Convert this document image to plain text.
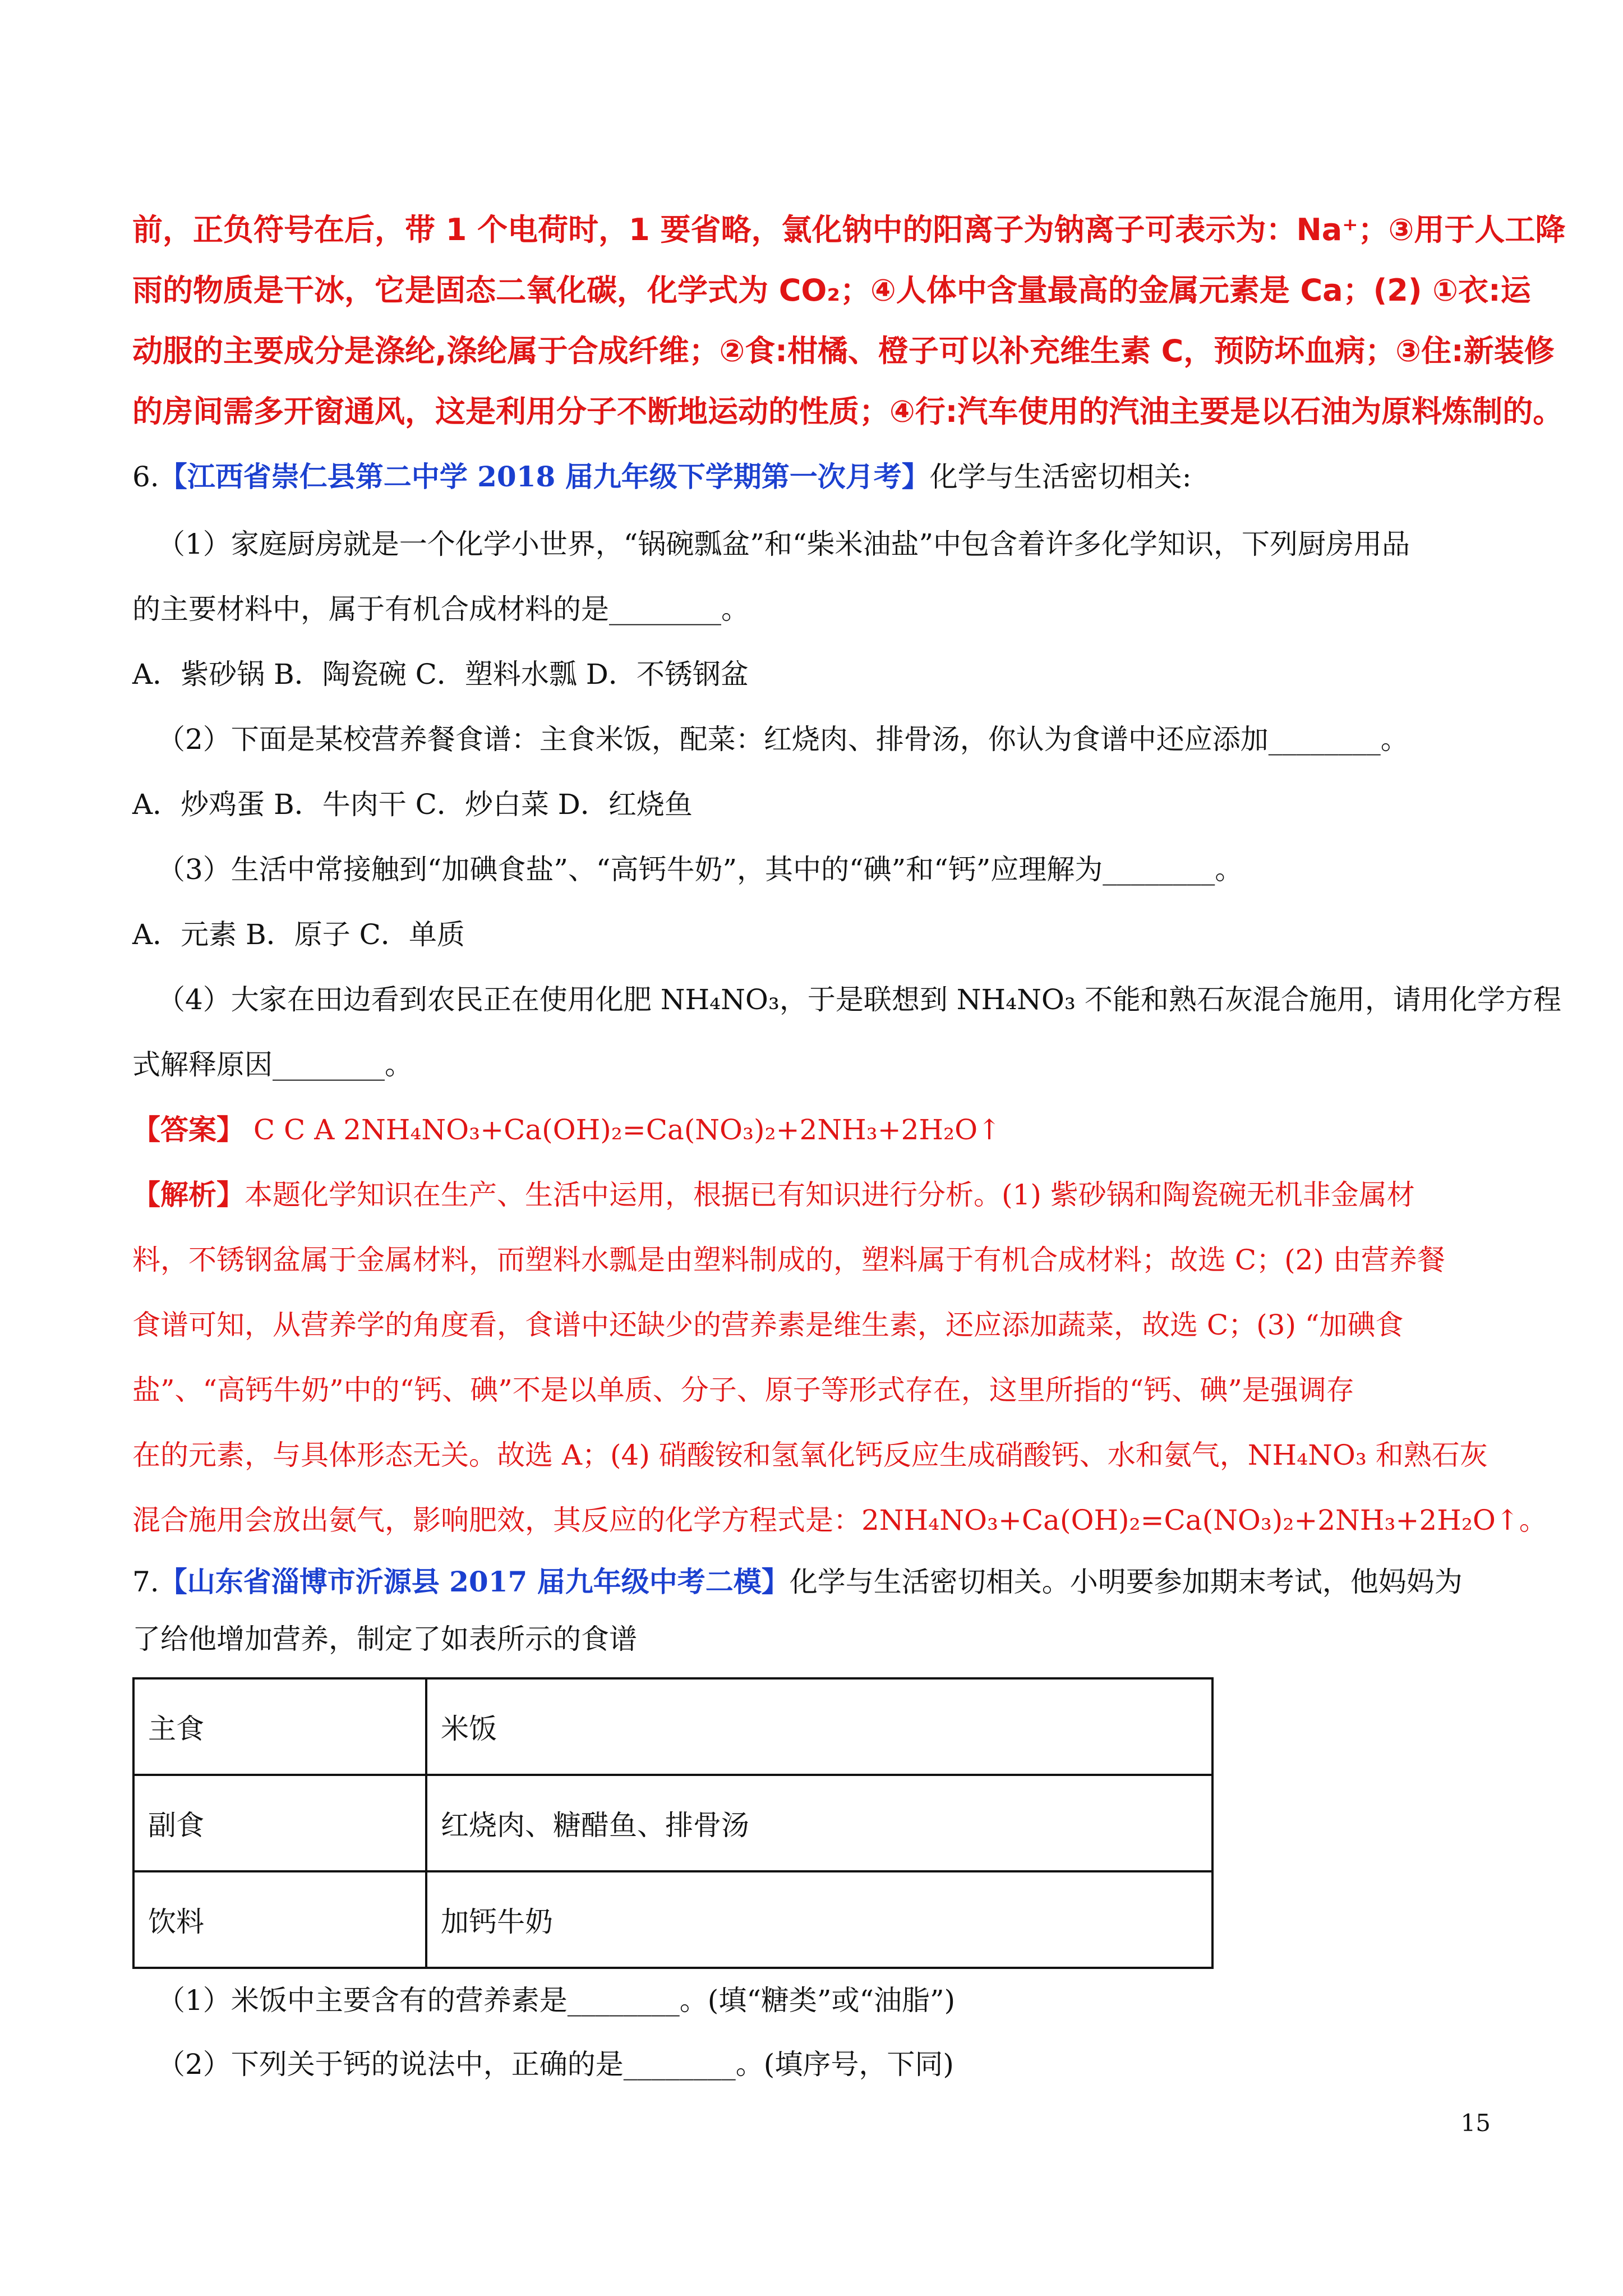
前，正负符号在后，带 1 个电荷时，1 要省略，氯化钠中的阳离子为钠离子可表示为：Na⁺；③用于人工降
雨的物质是干冰，它是固态二氧化碳，化学式为 CO₂；④人体中含量最高的金属元素是 Ca；(2) ①衣:运
动服的主要成分是涤纶,涤纶属于合成纤维；②食:柑橘、橙子可以补充维生素 C，预防坏血病；③住:新装修
的房间需多开窗通风，这是利用分子不断地运动的性质；④行:汽车使用的汽油主要是以石油为原料炼制的。
6.【江西省崇仁县第二中学 2018 届九年级下学期第一次月考】化学与生活密切相关:
（1）家庭厨房就是一个化学小世界，“锅碗瓢盆”和“柴米油盐”中包含着许多化学知识，下列厨房用品
的主要材料中，属于有机合成材料的是________。
A．紫砂锅 B．陶瓷碗 C．塑料水瓢 D．不锈钢盆
（2）下面是某校营养餐食谱：主食米饭，配菜：红烧肉、排骨汤，你认为食谱中还应添加________。
A．炒鸡蛋 B．牛肉干 C．炒白菜 D．红烧鱼
（3）生活中常接触到“加碘食盐”、“高钙牛奶”，其中的“碘”和“钙”应理解为________。
A．元素 B．原子 C．单质
（4）大家在田边看到农民正在使用化肥 NH₄NO₃，于是联想到 NH₄NO₃ 不能和熟石灰混合施用，请用化学方程
式解释原因________。
【答案】 C C A 2NH₄NO₃+Ca(OH)₂=Ca(NO₃)₂+2NH₃+2H₂O↑
【解析】本题化学知识在生产、生活中运用，根据已有知识进行分析。(1) 紫砂锅和陶瓷碗无机非金属材
料，不锈钢盆属于金属材料，而塑料水瓢是由塑料制成的，塑料属于有机合成材料；故选 C；(2) 由营养餐
食谱可知，从营养学的角度看，食谱中还缺少的营养素是维生素，还应添加蔬菜，故选 C；(3) “加碘食
盐”、“高钙牛奶”中的“钙、碘”不是以单质、分子、原子等形式存在，这里所指的“钙、碘”是强调存
在的元素，与具体形态无关。故选 A；(4) 硝酸铵和氢氧化钙反应生成硝酸钙、水和氨气，NH₄NO₃ 和熟石灰
混合施用会放出氨气，影响肥效，其反应的化学方程式是：2NH₄NO₃+Ca(OH)₂=Ca(NO₃)₂+2NH₃+2H₂O↑。
7.【山东省淄博市沂源县 2017 届九年级中考二模】化学与生活密切相关。小明要参加期末考试，他妈妈为
了给他增加营养，制定了如表所示的食谱
主食	米饭
副食	红烧肉、糖醋鱼、排骨汤
饮料	加钙牛奶
（1）米饭中主要含有的营养素是________。(填“糖类”或“油脂”)
（2）下列关于钙的说法中，正确的是________。(填序号，下同)
15
